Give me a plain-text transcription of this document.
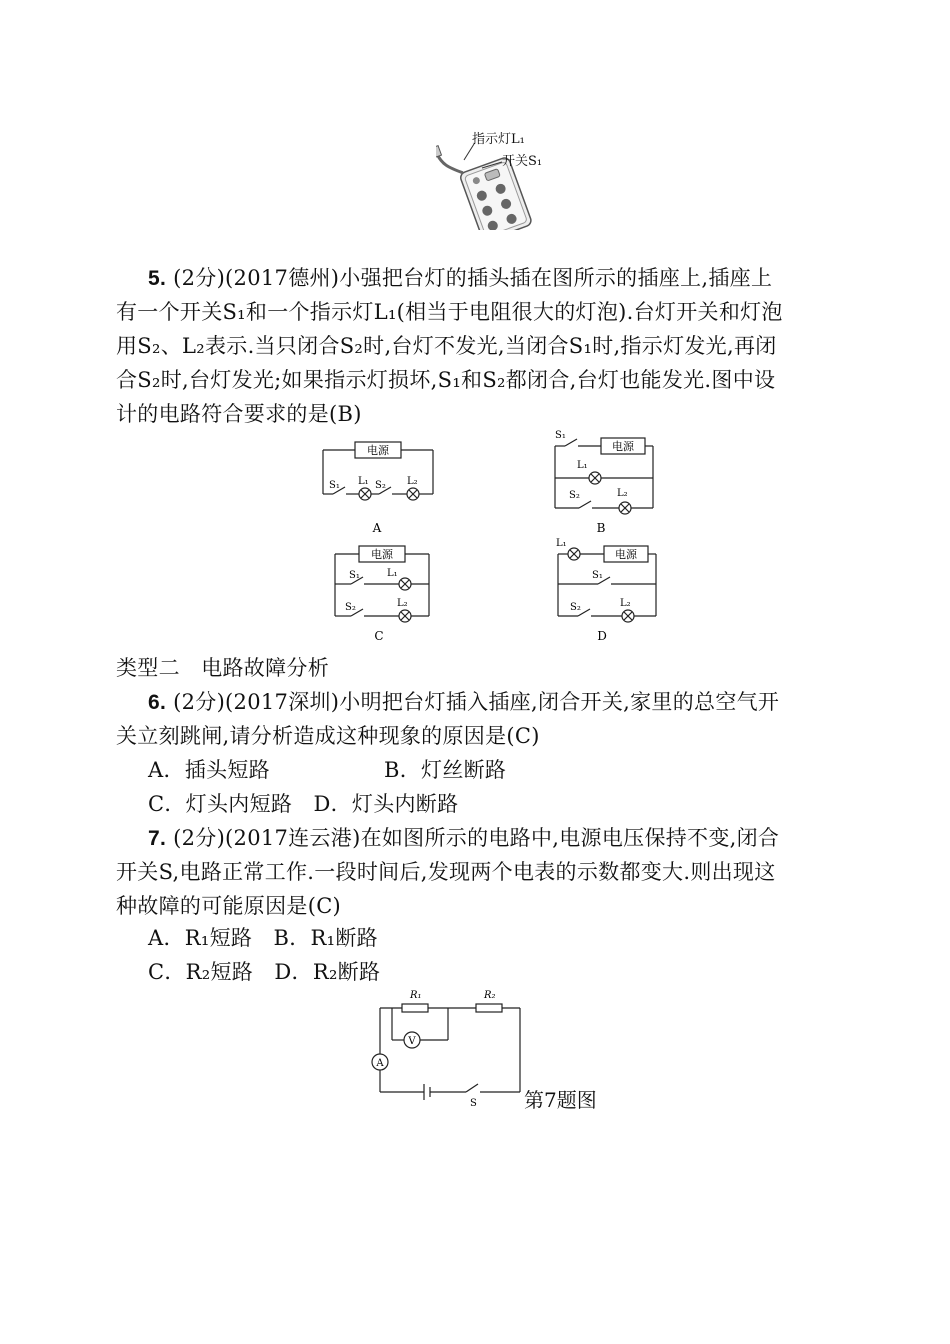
指示灯L₁
开关S₁
5. (2分)(2017德州)小强把台灯的插头插在图所示的插座上,插座上
有一个开关S₁和一个指示灯L₁(相当于电阻很大的灯泡).台灯开关和灯泡
用S₂、L₂表示.当只闭合S₂时,台灯不发光,当闭合S₁时,指示灯发光,再闭
合S₂时,台灯发光;如果指示灯损坏,S₁和S₂都闭合,台灯也能发光.图中设
计的电路符合要求的是(B)
电源
S₁ L₁ S₂ L₂
A
电源
S₁
L₁
S₂	L₂
B
电源
S₁	L₁
S₂	L₂
C
电源
L₁
S₁
S₂	L₂
D
类型二　电路故障分析
6. (2分)(2017深圳)小明把台灯插入插座,闭合开关,家里的总空气开
关立刻跳闸,请分析造成这种现象的原因是(C)
A．插头短路	B．灯丝断路
C．灯头内短路　D．灯头内断路
7. (2分)(2017连云港)在如图所示的电路中,电源电压保持不变,闭合
开关S,电路正常工作.一段时间后,发现两个电表的示数都变大.则出现这
种故障的可能原因是(C)
A．R₁短路　B．R₁断路
C．R₂短路　D．R₂断路
V
A
R₁	R₂
S 第7题图
